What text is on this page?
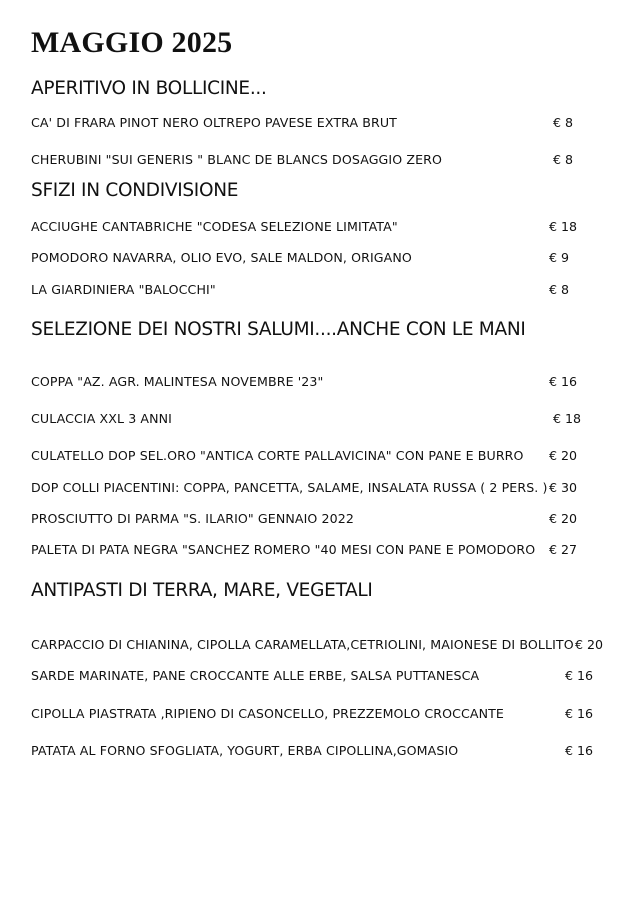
MAGGIO 2025
APERITIVO IN BOLLICINE...
CA' DI FRARA PINOT NERO OLTREPO PAVESE EXTRA BRUT	€ 8
CHERUBINI "SUI GENERIS " BLANC DE BLANCS DOSAGGIO ZERO	€ 8
SFIZI IN CONDIVISIONE
ACCIUGHE CANTABRICHE "CODESA SELEZIONE LIMITATA"	€ 18
POMODORO NAVARRA, OLIO EVO, SALE MALDON, ORIGANO	€ 9
LA GIARDINIERA "BALOCCHI"	€ 8
SELEZIONE DEI NOSTRI SALUMI....ANCHE CON LE MANI
COPPA "AZ. AGR. MALINTESA NOVEMBRE '23"	€ 16
CULACCIA XXL 3 ANNI	€ 18
CULATELLO DOP SEL.ORO "ANTICA CORTE PALLAVICINA" CON PANE E BURRO € 20
DOP COLLI PIACENTINI: COPPA, PANCETTA, SALAME, INSALATA RUSSA ( 2 PERS. ) € 30
PROSCIUTTO DI PARMA "S. ILARIO" GENNAIO 2022	€ 20
PALETA DI PATA NEGRA "SANCHEZ ROMERO "40 MESI CON PANE E POMODORO € 27
ANTIPASTI DI TERRA, MARE, VEGETALI
CARPACCIO DI CHIANINA, CIPOLLA CARAMELLATA,CETRIOLINI, MAIONESE DI BOLLITO € 20
SARDE MARINATE, PANE CROCCANTE ALLE ERBE, SALSA PUTTANESCA	€ 16
CIPOLLA PIASTRATA ,RIPIENO DI CASONCELLO, PREZZEMOLO CROCCANTE	€ 16
PATATA AL FORNO SFOGLIATA, YOGURT, ERBA CIPOLLINA,GOMASIO	€ 16
